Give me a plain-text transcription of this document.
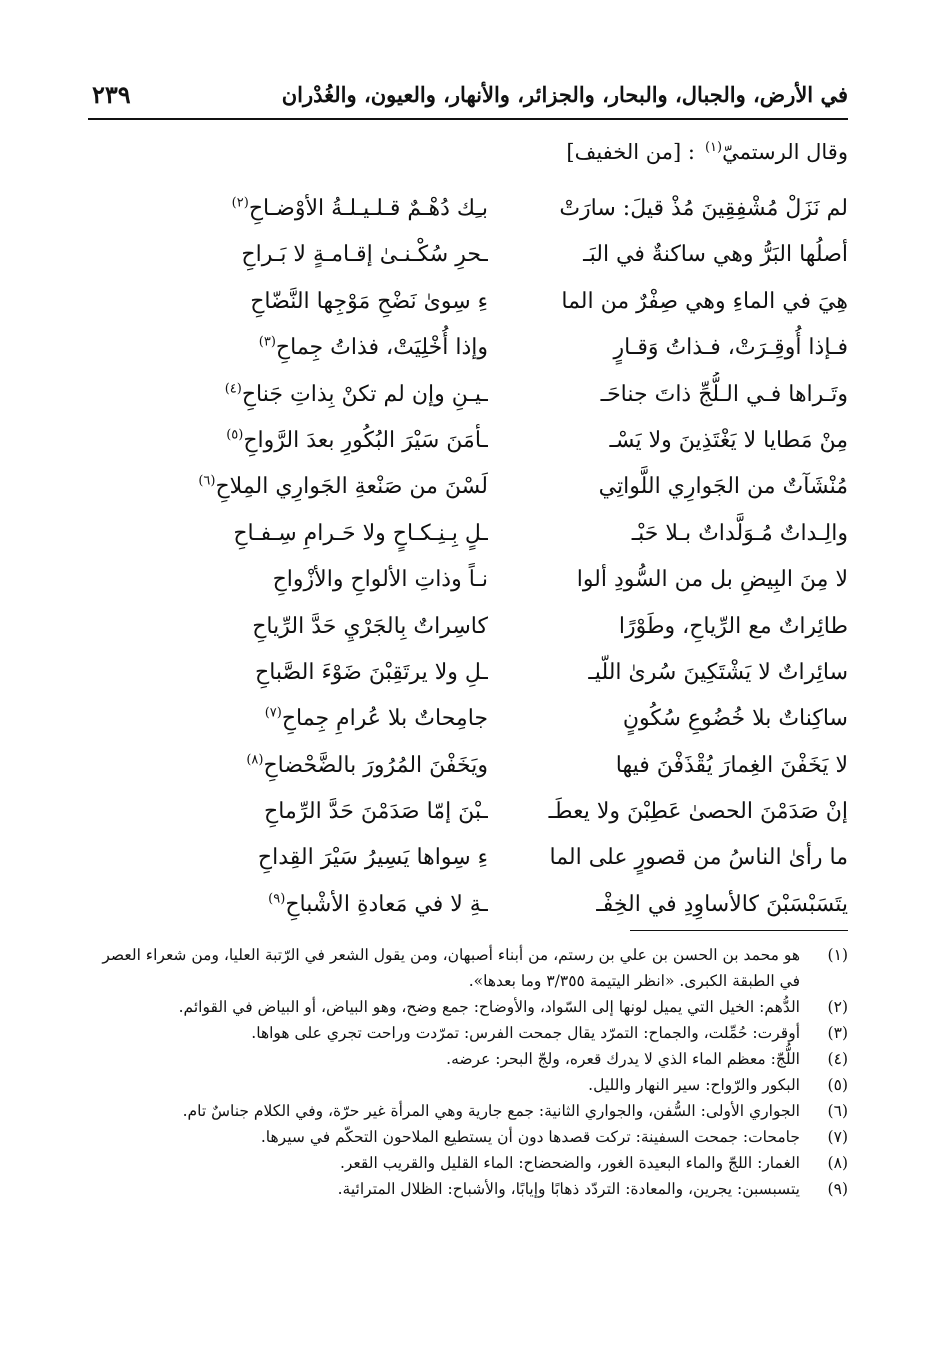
في الأرض، والجبال، والبحار، والجزائر، والأنهار، والعيون، والغُدْران
٢٣٩
وقال الرستميّ$^{(١)}$: [من الخفيف]
لم نَزَلْ مُشْفِقِينَ مُذْ قيلَ: سارَتْ
بـِك دُهْـمٌ قـلـيـلـةُ الأوْضـاحِ$^{(٢)}$
أصلُها البَرُّ وهي ساكنةٌ في البَـ
ـحرِ سُكْـنـىٰ إقـامـةٍ لا بَـراحِ
هِيَ في الماءِ وهي صِفْرٌ من الما
ءِ سِوىٰ نَضْحِ مَوْجِها النَّضّاحِ
فـإذا أُوقِـرَتْ، فـذاتُ وَقـارٍ
وإذا أُخْلِيَتْ، فذاتُ جِماحِ$^{(٣)}$
وتَـراها فـي الـلُّجِّ ذاتَ جناحَـ
ـيـنِ وإن لم تكنْ بِذاتِ جَناحِ$^{(٤)}$
مِنْ مَطايا لا يَغْتَذِينَ ولا يَسْـ
ـأمَنَ سَيْرَ البُكُورِ بعدَ الرَّواحِ$^{(٥)}$
مُنْشَآتٌ من الجَوارِي اللَّواتِي
لَسْنَ من صَنْعةِ الجَوارِي المِلاحِ$^{(٦)}$
والِـداتٌ مُـوَلَّداتٌ بـلا حَبْـ
ـلٍ بِـنِـكـاحٍ ولا حَـرامِ سِـفـاحِ
لا مِنَ البِيضِ بل من السُّودِ ألوا
نـاً وذاتِ الألواحِ والأزْواحِ
طائِراتٌ مع الرِّياحِ، وطَوْرًا
كاسِراتٌ بِالجَرْيِ حَدَّ الرِّياحِ
سائِراتٌ لا يَشْتَكِينَ سُرىٰ اللّيـ
ـلِ ولا يرتَقِبْنَ ضَوْءَ الصَّباحِ
ساكِناتٌ بلا خُضُوعِ سُكُونٍ
جامِحاتٌ بلا عُرامِ جِماحِ$^{(٧)}$
لا يَخَفْنَ الغِمارَ يُقْذَفْنَ فيها
ويَخَفْنَ المُرُورَ بالضَّحْضاحِ$^{(٨)}$
إنْ صَدَمْنَ الحصىٰ عَطِبْنَ ولا يعطَـ
ـبْنَ إمّا صَدَمْنَ حَدَّ الرِّماحِ
ما رأىٰ الناسُ من قصورٍ على الما
ءِ سِواها يَسِيرُ سَيْرَ القِداحِ
يتَسَبْسَبْنَ كالأساوِدِ في الخِفْـ
ـةِ لا في مَعادةِ الأشْباحِ$^{(٩)}$
(١)
هو محمد بن الحسن بن علي بن رستم، من أبناء أصبهان، ومن يقول الشعر في الرّتبة العليا، ومن شعراء العصر في الطبقة الكبرى. «انظر اليتيمة ٣/٣٥٥ وما بعدها».
(٢)
الدُّهم: الخيل التي يميل لونها إلى السّواد، والأوضاح: جمع وضح، وهو البياض، أو البياض في القوائم.
(٣)
أوقرت: حُمِّلت، والجماح: التمرّد يقال جمحت الفرس: تمرّدت وراحت تجري على هواها.
(٤)
اللُّجّ: معظم الماء الذي لا يدرك قعره، ولجّ البحر: عرضه.
(٥)
البكور والرّواح: سير النهار والليل.
(٦)
الجواري الأولى: السُّفن، والجواري الثانية: جمع جارية وهي المرأة غير حرّة، وفي الكلام جناسٌ تام.
(٧)
جامحات: جمحت السفينة: تركت قصدها دون أن يستطيع الملاحون التحكّم في سيرها.
(٨)
الغمار: اللجّ والماء البعيدة الغور، والضحضاح: الماء القليل والقريب القعر.
(٩)
يتسبسبن: يجرين، والمعادة: التردّد ذهابًا وإيابًا، والأشباح: الظلال المترائية.
